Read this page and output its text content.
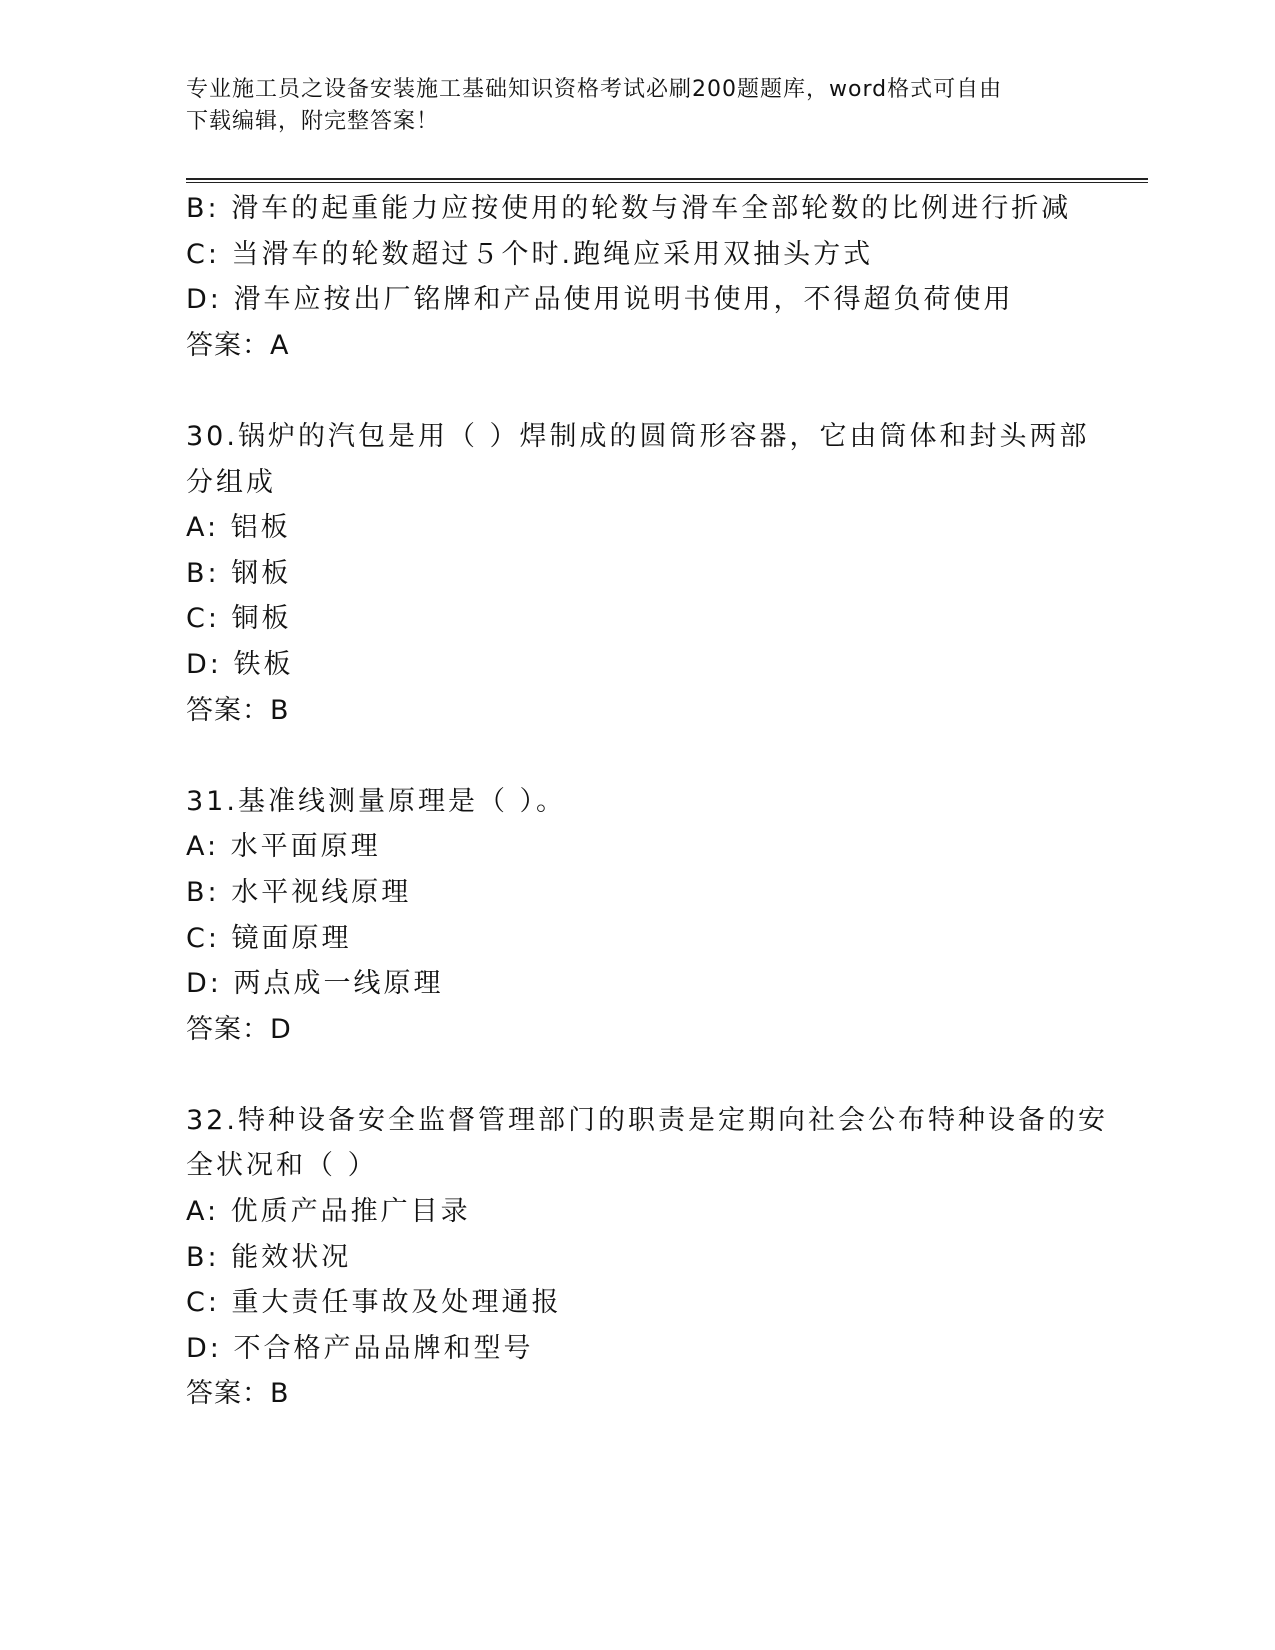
专业施工员之设备安装施工基础知识资格考试必刷200题题库，word格式可自由
下载编辑，附完整答案！
B: 滑车的起重能力应按使用的轮数与滑车全部轮数的比例进行折减
C: 当滑车的轮数超过５个时.跑绳应采用双抽头方式
D: 滑车应按出厂铭牌和产品使用说明书使用，不得超负荷使用
答案：A
30.锅炉的汽包是用（ ）焊制成的圆筒形容器，它由筒体和封头两部
分组成
A: 铝板
B: 钢板
C: 铜板
D: 铁板
答案：B
31.基准线测量原理是（ ）。
A: 水平面原理
B: 水平视线原理
C: 镜面原理
D: 两点成一线原理
答案：D
32.特种设备安全监督管理部门的职责是定期向社会公布特种设备的安
全状况和（ ）
A: 优质产品推广目录
B: 能效状况
C: 重大责任事故及处理通报
D: 不合格产品品牌和型号
答案：B
